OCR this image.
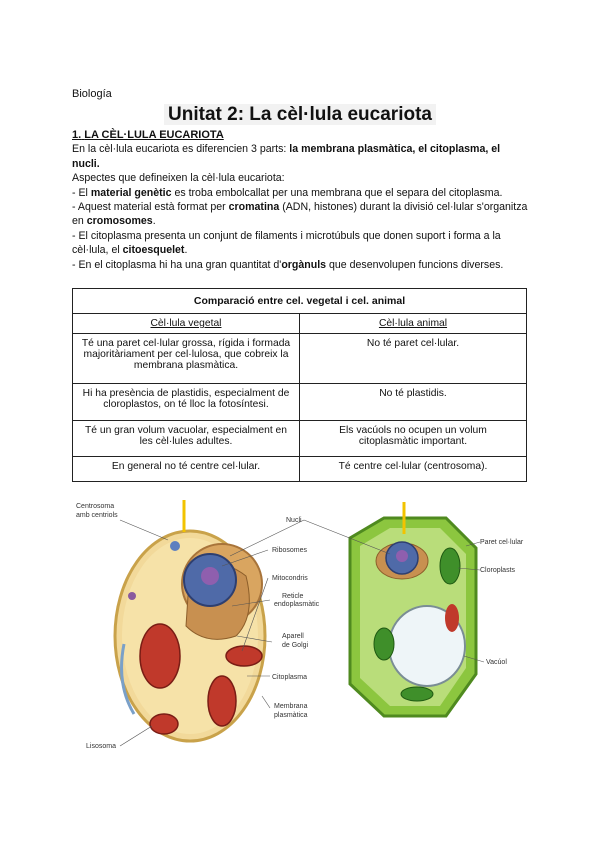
Biología
Unitat 2: La cèl·lula eucariota

1. LA CÈL·LULA EUCARIOTA

En la cèl·lula eucariota es diferencien 3 parts: la membrana plasmàtica, el citoplasma, el nucli.

Aspectes que defineixen la cèl·lula eucariota:

- El material genètic es troba embolcallat per una membrana que el separa del citoplasma.

- Aquest material està format per cromatina (ADN, histones) durant la divisió cel·lular s'organitza en cromosomes.

- El citoplasma presenta un conjunt de filaments i microtúbuls que donen suport i forma a la cèl·lula, el citoesquelet.

- En el citoplasma hi ha una gran quantitat d'orgànuls que desenvolupen funcions diverses.

Comparació entre cel. vegetal i cel. animal	
Cèl·lula vegetal	Cèl·lula animal
Té una paret cel·lular grossa, rígida i formada majoritàriament per cel·lulosa, que cobreix la membrana plasmàtica.	No té paret cel·lular.
Hi ha presència de plastidis, especialment de cloroplastos, on té lloc la fotosíntesi.	No té plastidis.
Té un gran volum vacuolar, especialment en les cèl·lules adultes.	Els vacúols no ocupen un volum citoplasmàtic important.
En general no té centre cel·lular.	Té centre cel·lular (centrosoma).
Centrosoma
amb centriols
Nucli
Ribosomes
Mitocondris
Reticle
endoplasmàtic
Aparell
de Golgi
Citoplasma
Membrana
plasmàtica
Lisosoma
Paret cel·lular
Cloroplasts
Vacúol
